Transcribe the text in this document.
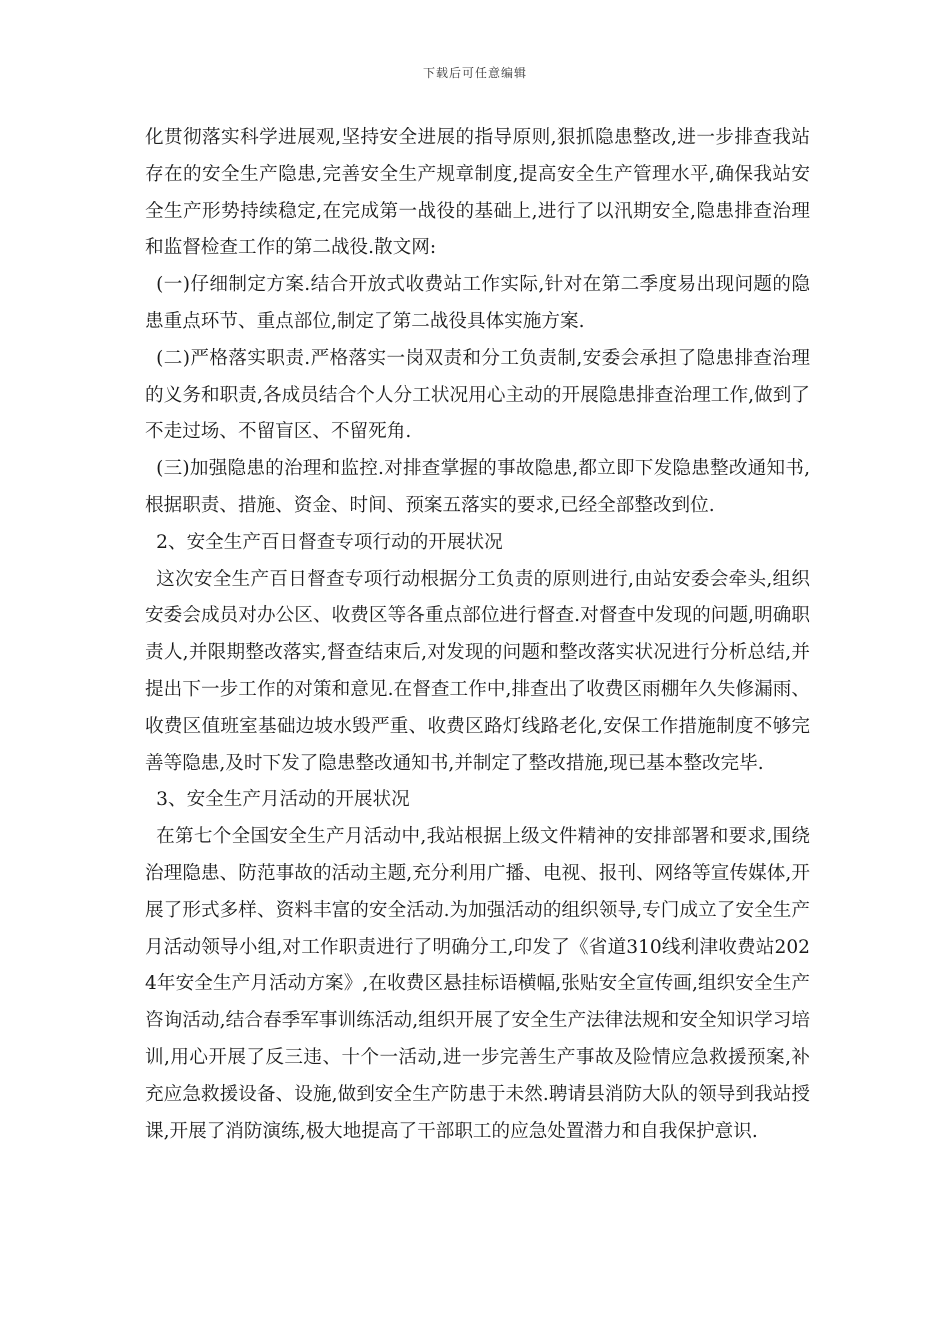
下载后可任意编辑

化贯彻落实科学进展观,坚持安全进展的指导原则,狠抓隐患整改,进一步排查我站存在的安全生产隐患,完善安全生产规章制度,提高安全生产管理水平,确保我站安全生产形势持续稳定,在完成第一战役的基础上,进行了以汛期安全,隐患排查治理和监督检查工作的第二战役.散文网:

(一)仔细制定方案.结合开放式收费站工作实际,针对在第二季度易出现问题的隐患重点环节、重点部位,制定了第二战役具体实施方案.

(二)严格落实职责.严格落实一岗双责和分工负责制,安委会承担了隐患排查治理的义务和职责,各成员结合个人分工状况用心主动的开展隐患排查治理工作,做到了不走过场、不留盲区、不留死角.

(三)加强隐患的治理和监控.对排查掌握的事故隐患,都立即下发隐患整改通知书,根据职责、措施、资金、时间、预案五落实的要求,已经全部整改到位.

2、安全生产百日督查专项行动的开展状况

这次安全生产百日督查专项行动根据分工负责的原则进行,由站安委会牵头,组织安委会成员对办公区、收费区等各重点部位进行督查.对督查中发现的问题,明确职责人,并限期整改落实,督查结束后,对发现的问题和整改落实状况进行分析总结,并提出下一步工作的对策和意见.在督查工作中,排查出了收费区雨棚年久失修漏雨、收费区值班室基础边坡水毁严重、收费区路灯线路老化,安保工作措施制度不够完善等隐患,及时下发了隐患整改通知书,并制定了整改措施,现已基本整改完毕.

3、安全生产月活动的开展状况

在第七个全国安全生产月活动中,我站根据上级文件精神的安排部署和要求,围绕治理隐患、防范事故的活动主题,充分利用广播、电视、报刊、网络等宣传媒体,开展了形式多样、资料丰富的安全活动.为加强活动的组织领导,专门成立了安全生产月活动领导小组,对工作职责进行了明确分工,印发了《省道310线利津收费站2024年安全生产月活动方案》,在收费区悬挂标语横幅,张贴安全宣传画,组织安全生产咨询活动,结合春季军事训练活动,组织开展了安全生产法律法规和安全知识学习培训,用心开展了反三违、十个一活动,进一步完善生产事故及险情应急救援预案,补充应急救援设备、设施,做到安全生产防患于未然.聘请县消防大队的领导到我站授课,开展了消防演练,极大地提高了干部职工的应急处置潜力和自我保护意识.
